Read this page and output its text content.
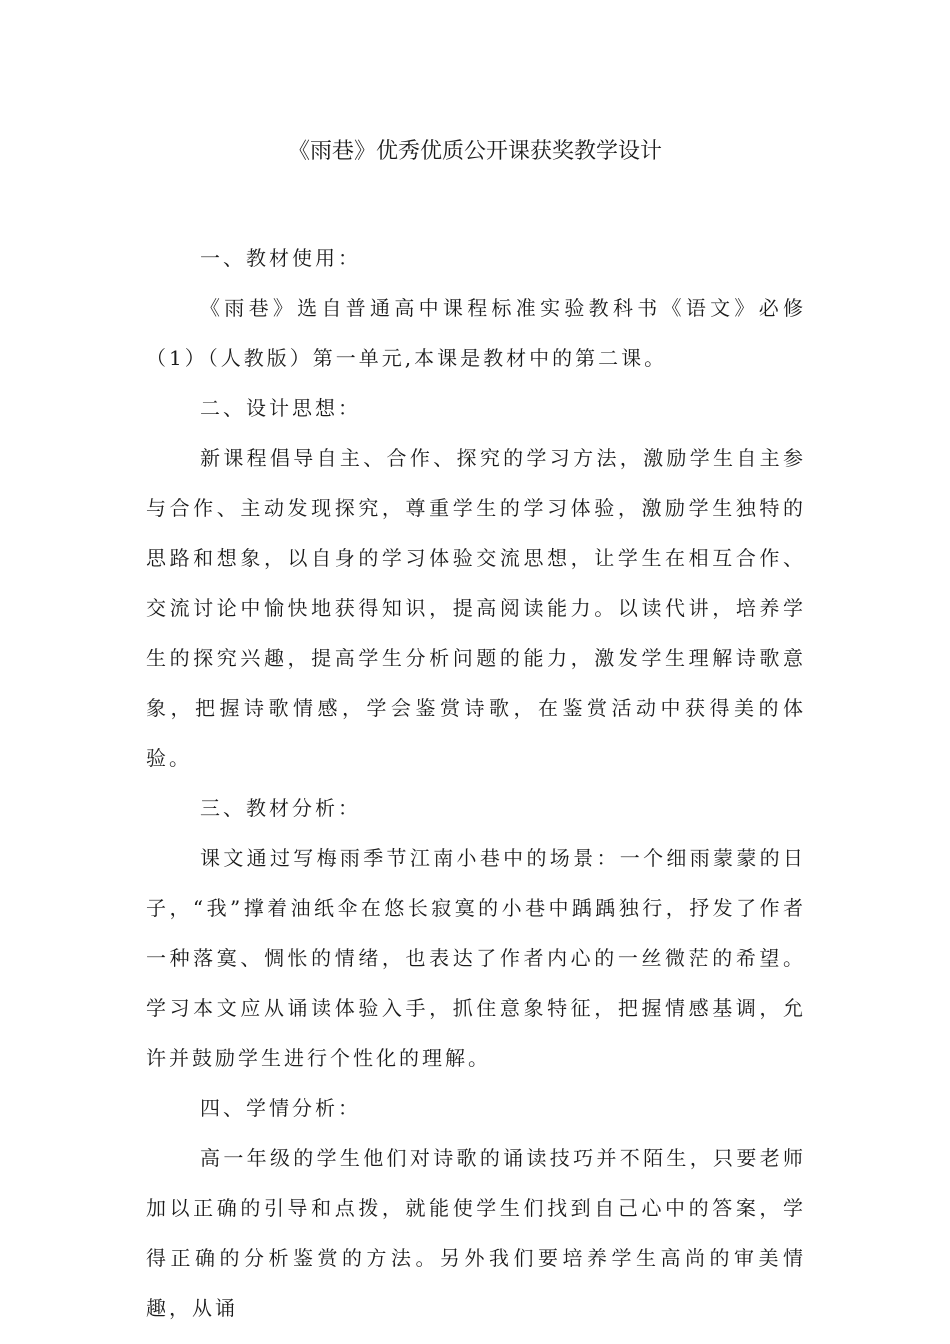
《雨巷》优秀优质公开课获奖教学设计

一、教材使用：

《雨巷》选自普通高中课程标准实验教科书《语文》必修（1）（人教版）第一单元,本课是教材中的第二课。

二、设计思想：

新课程倡导自主、合作、探究的学习方法，激励学生自主参与合作、主动发现探究，尊重学生的学习体验，激励学生独特的思路和想象，以自身的学习体验交流思想，让学生在相互合作、交流讨论中愉快地获得知识，提高阅读能力。以读代讲，培养学生的探究兴趣，提高学生分析问题的能力，激发学生理解诗歌意象，把握诗歌情感，学会鉴赏诗歌，在鉴赏活动中获得美的体验。

三、教材分析：

课文通过写梅雨季节江南小巷中的场景：一个细雨蒙蒙的日子，“我”撑着油纸伞在悠长寂寞的小巷中踽踽独行，抒发了作者一种落寞、惆怅的情绪，也表达了作者内心的一丝微茫的希望。学习本文应从诵读体验入手，抓住意象特征，把握情感基调，允许并鼓励学生进行个性化的理解。

四、学情分析：

高一年级的学生他们对诗歌的诵读技巧并不陌生，只要老师加以正确的引导和点拨，就能使学生们找到自己心中的答案，学得正确的分析鉴赏的方法。另外我们要培养学生高尚的审美情趣，从诵
